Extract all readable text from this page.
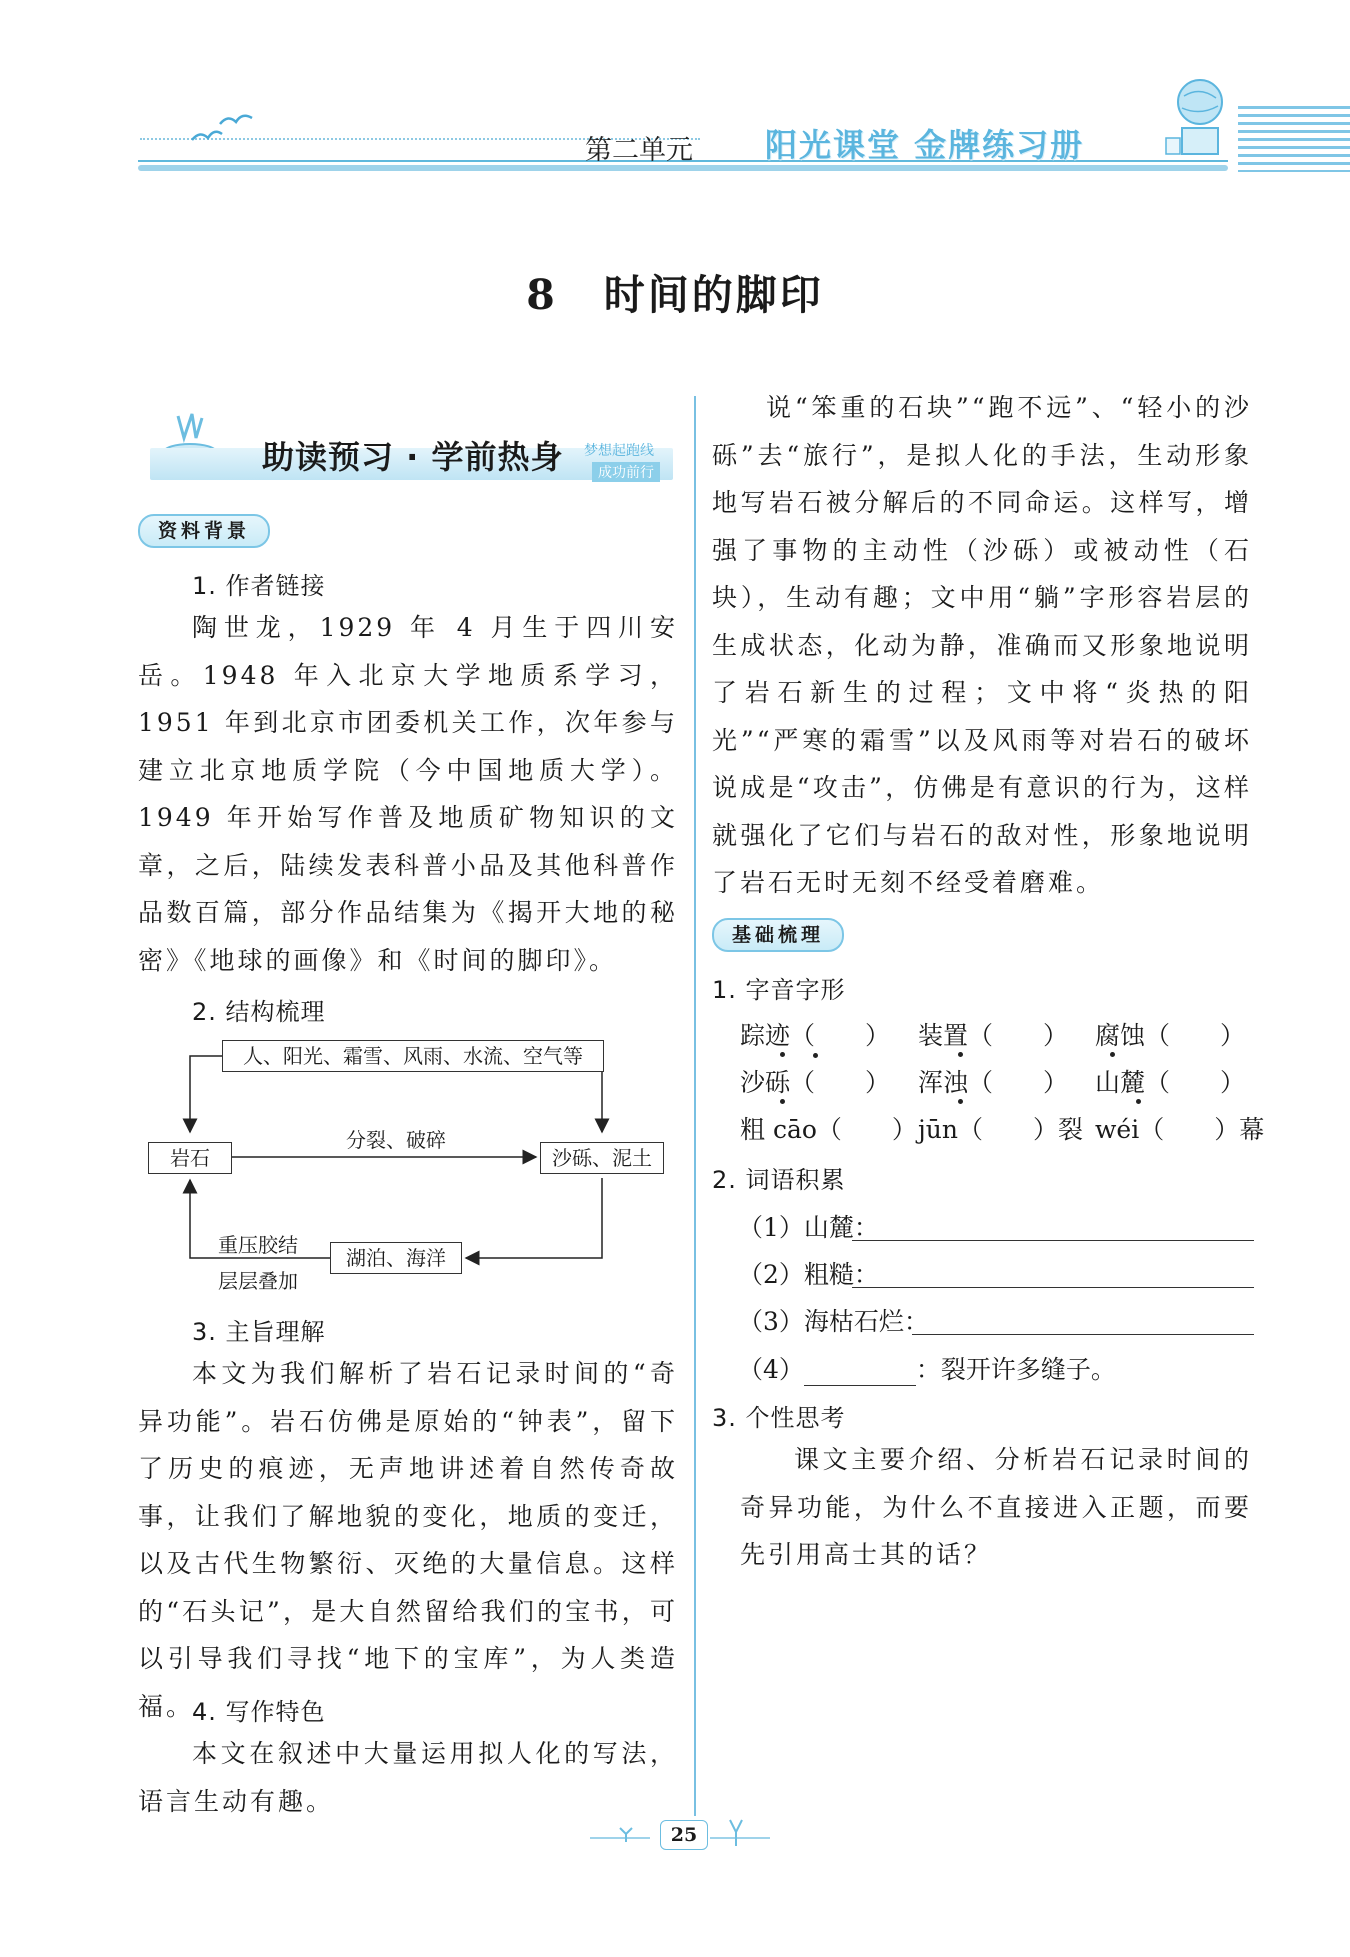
第二单元 阳光课堂 金牌练习册
8 时间的脚印
助读预习 · 学前热身 梦想起跑线
成功前行
资料背景
1. 作者链接

陶世龙，1929 年 4 月生于四川安岳。1948 年入北京大学地质系学习，1951 年到北京市团委机关工作，次年参与建立北京地质学院（今中国地质大学）。1949 年开始写作普及地质矿物知识的文章，之后，陆续发表科普小品及其他科普作品数百篇，部分作品结集为《揭开大地的秘密》《地球的画像》和《时间的脚印》。

2. 结构梳理
人、阳光、霜雪、风雨、水流、空气等
岩石	沙砾、泥土
湖泊、海洋
分裂、破碎
重压胶结
层层叠加
3. 主旨理解

本文为我们解析了岩石记录时间的“奇异功能”。岩石仿佛是原始的“钟表”，留下了历史的痕迹，无声地讲述着自然传奇故事，让我们了解地貌的变化，地质的变迁，以及古代生物繁衍、灭绝的大量信息。这样的“石头记”，是大自然留给我们的宝书，可以引导我们寻找“地下的宝库”，为人类造福。

4. 写作特色

本文在叙述中大量运用拟人化的写法，语言生动有趣。

说“笨重的石块”“跑不远”、“轻小的沙砾”去“旅行”，是拟人化的手法，生动形象地写岩石被分解后的不同命运。这样写，增强了事物的主动性（沙砾）或被动性（石块），生动有趣；文中用“躺”字形容岩层的生成状态，化动为静，准确而又形象地说明了岩石新生的过程；文中将“炎热的阳光”“严寒的霜雪”以及风雨等对岩石的破坏说成是“攻击”，仿佛是有意识的行为，这样就强化了它们与岩石的敌对性，形象地说明了岩石无时无刻不经受着磨难。

基础梳理
1. 字音字形
踪迹（　　） 装置（　　） 腐蚀（　　）
沙砾（　　） 浑浊（　　） 山麓（　　）
粗 cāo（　　） jūn（　　）裂 wéi（　　）幕
2. 词语积累
（1）山麓：
（2）粗糙：
（3）海枯石烂：
（4）	：裂开许多缝子。
3. 个性思考

课文主要介绍、分析岩石记录时间的奇异功能，为什么不直接进入正题，而要先引用高士其的话？

25
